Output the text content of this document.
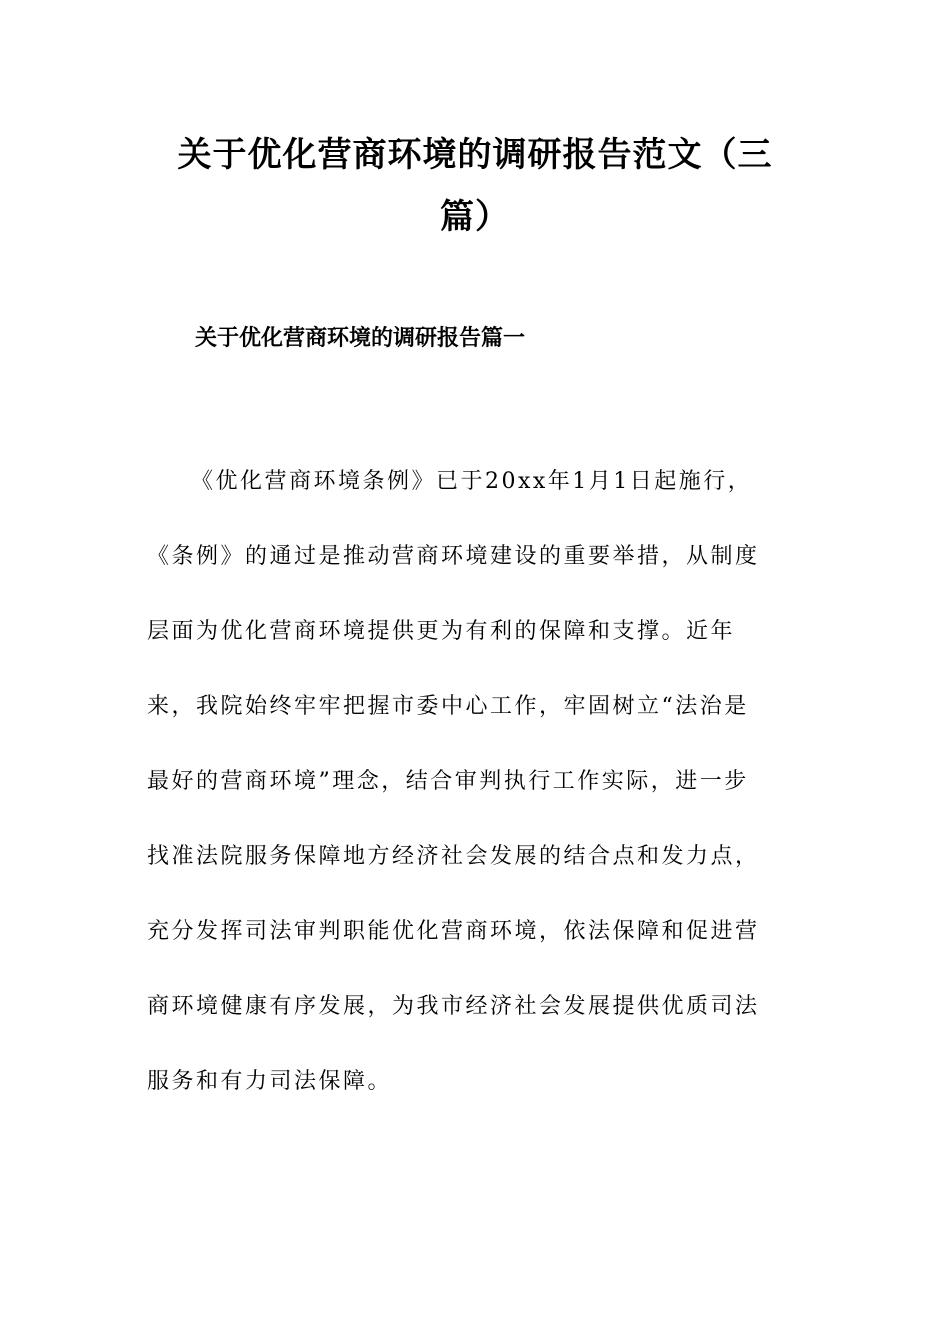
关于优化营商环境的调研报告范文（三
篇）
关于优化营商环境的调研报告篇一
《优化营商环境条例》已于20xx年1月1日起施行，
《条例》的通过是推动营商环境建设的重要举措，从制度
层面为优化营商环境提供更为有利的保障和支撑。近年
来，我院始终牢牢把握市委中心工作，牢固树立“法治是
最好的营商环境”理念，结合审判执行工作实际，进一步
找准法院服务保障地方经济社会发展的结合点和发力点，
充分发挥司法审判职能优化营商环境，依法保障和促进营
商环境健康有序发展，为我市经济社会发展提供优质司法
服务和有力司法保障。
